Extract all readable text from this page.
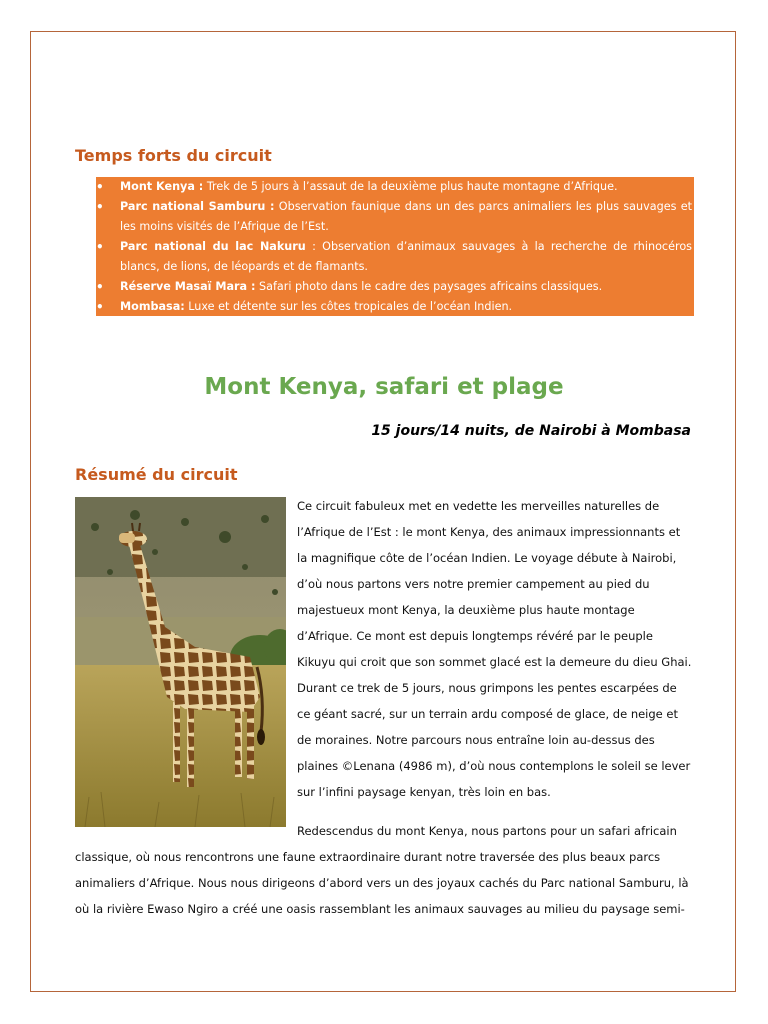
Temps forts du circuit
• Mont Kenya : Trek de 5 jours à l’assaut de la deuxième plus haute montagne d’Afrique.
• Parc national Samburu : Observation faunique dans un des parcs animaliers les plus sauvages et les moins visités de l’Afrique de l’Est.
• Parc national du lac Nakuru : Observation d’animaux sauvages à la recherche de rhinocéros blancs, de lions, de léopards et de flamants.
• Réserve Masaï Mara : Safari photo dans le cadre des paysages africains classiques.
• Mombasa: Luxe et détente sur les côtes tropicales de l’océan Indien.
Mont Kenya, safari et plage

15 jours/14 nuits, de Nairobi à Mombasa

Résumé du circuit

Ce circuit fabuleux met en vedette les merveilles naturelles de l’Afrique de l’Est : le mont Kenya, des animaux impressionnants et la magnifique côte de l’océan Indien. Le voyage débute à Nairobi, d’où nous partons vers notre premier campement au pied du majestueux mont Kenya, la deuxième plus haute montage d’Afrique. Ce mont est depuis longtemps révéré par le peuple Kikuyu qui croit que son sommet glacé est la demeure du dieu Ghai. Durant ce trek de 5 jours, nous grimpons les pentes escarpées de ce géant sacré, sur un terrain ardu composé de glace, de neige et de moraines. Notre parcours nous entraîne loin au-dessus des plaines ©Lenana (4986 m), d’où nous contemplons le soleil se lever sur l’infini paysage kenyan, très loin en bas.

Redescendus du mont Kenya, nous partons pour un safari africain classique, où nous rencontrons une faune extraordinaire durant notre traversée des plus beaux parcs animaliers d’Afrique. Nous nous dirigeons d’abord vers un des joyaux cachés du Parc national Samburu, là où la rivière Ewaso Ngiro a créé une oasis rassemblant les animaux sauvages au milieu du paysage semi-
